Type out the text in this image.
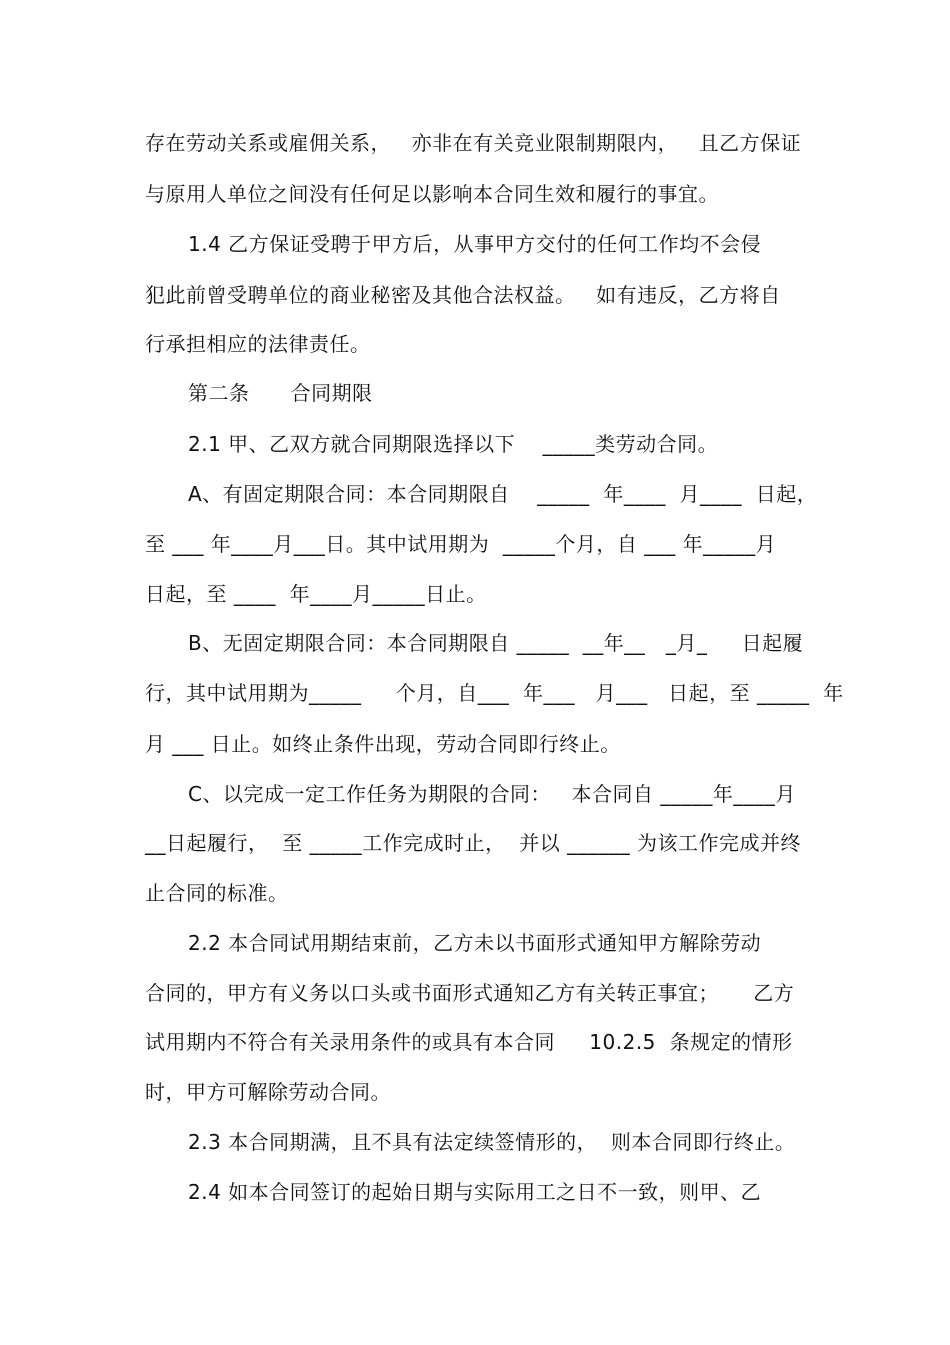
存在劳动关系或雇佣关系，   亦非在有关竞业限制期限内，   且乙方保证
与原用人单位之间没有任何足以影响本合同生效和履行的事宜。
1.4 乙方保证受聘于甲方后，从事甲方交付的任何工作均不会侵
犯此前曾受聘单位的商业秘密及其他合法权益。   如有违反，乙方将自
行承担相应的法律责任。
第二条      合同期限
2.1 甲、乙双方就合同期限选择以下    _____类劳动合同。
A、有固定期限合同：本合同期限自    _____  年____  月____  日起，
至 ___ 年____月___日。其中试用期为  _____个月，自 ___ 年_____月
日起，至 ____  年____月_____日止。
B、无固定期限合同：本合同期限自 _____  __年__   _月_     日起履
行，其中试用期为_____     个月，自___  年___   月___   日起，至 _____  年
月 ___ 日止。如终止条件出现，劳动合同即行终止。
C、以完成一定工作任务为期限的合同：   本合同自 _____年____月
__日起履行，  至 _____工作完成时止，  并以 ______ 为该工作完成并终
止合同的标准。
2.2 本合同试用期结束前，乙方未以书面形式通知甲方解除劳动
合同的，甲方有义务以口头或书面形式通知乙方有关转正事宜；     乙方
试用期内不符合有关录用条件的或具有本合同     10.2.5  条规定的情形
时，甲方可解除劳动合同。
2.3 本合同期满，且不具有法定续签情形的，  则本合同即行终止。
2.4 如本合同签订的起始日期与实际用工之日不一致，则甲、乙
